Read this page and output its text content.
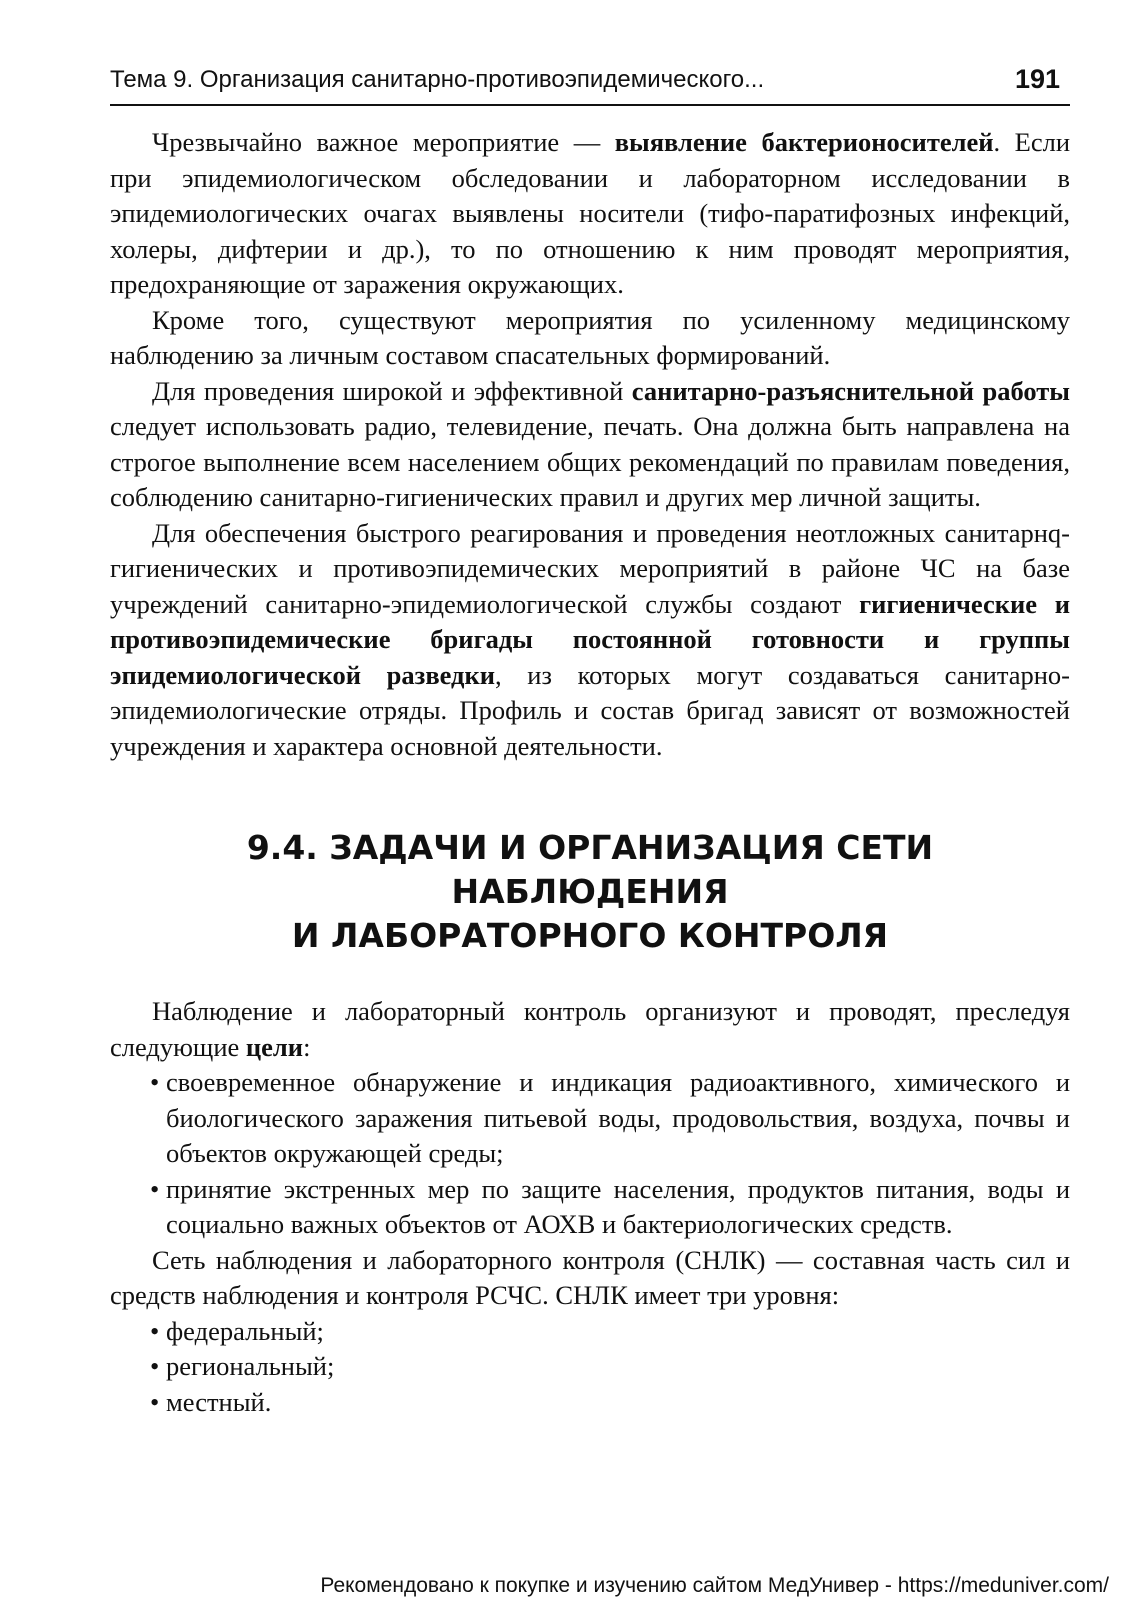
Тема 9. Организация санитарно-противоэпидемического...	191

Чрезвычайно важное мероприятие — выявление бактерионосителей. Если при эпидемиологическом обследовании и лабораторном исследовании в эпидемиологических очагах выявлены носители (тифо-паратифозных инфекций, холеры, дифтерии и др.), то по отношению к ним проводят мероприятия, предохраняющие от заражения окружающих.

Кроме того, существуют мероприятия по усиленному медицинскому наблюдению за личным составом спасательных формирований.

Для проведения широкой и эффективной санитарно-разъяснительной работы следует использовать радио, телевидение, печать. Она должна быть направлена на строгое выполнение всем населением общих рекомендаций по правилам поведения, соблюдению санитарно-гигиенических правил и других мер личной защиты.

Для обеспечения быстрого реагирования и проведения неотложных санитарнq-гигиенических и противоэпидемических мероприятий в районе ЧС на базе учреждений санитарно-эпидемиологической службы создают гигиенические и противоэпидемические бригады постоянной готовности и группы эпидемиологической разведки, из которых могут создаваться санитарно-эпидемиологические отряды. Профиль и состав бригад зависят от возможностей учреждения и характера основной деятельности.

9.4. ЗАДАЧИ И ОРГАНИЗАЦИЯ СЕТИ НАБЛЮДЕНИЯ
И ЛАБОРАТОРНОГО КОНТРОЛЯ

Наблюдение и лабораторный контроль организуют и проводят, преследуя следующие цели:

• своевременное обнаружение и индикация радиоактивного, химического и биологического заражения питьевой воды, продовольствия, воздуха, почвы и объектов окружающей среды;
• принятие экстренных мер по защите населения, продуктов питания, воды и социально важных объектов от АОХВ и бактериологических средств.

Сеть наблюдения и лабораторного контроля (СНЛК) — составная часть сил и средств наблюдения и контроля РСЧС. СНЛК имеет три уровня:

• федеральный;
• региональный;
• местный.
Рекомендовано к покупке и изучению сайтом МедУнивер - https://meduniver.com/
